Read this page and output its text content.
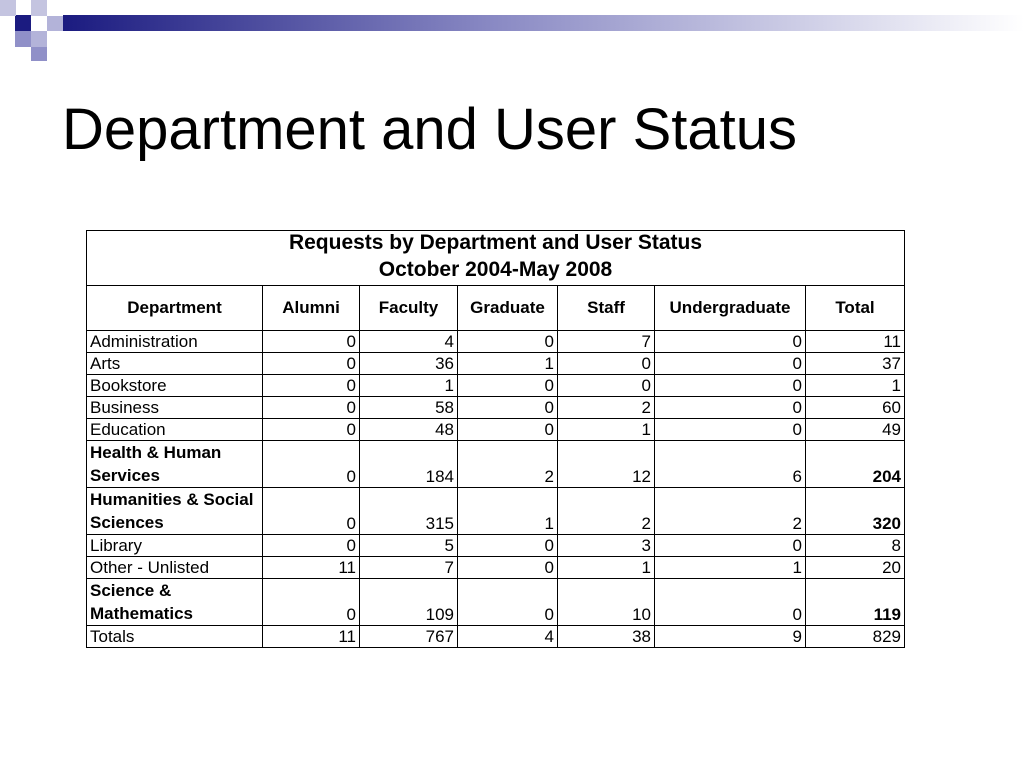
Department and User Status
Requests by Department and User Status
October 2004-May 2008						

Department	Alumni	Faculty	Graduate	Staff	Undergraduate	Total
Administration	0	4	0	7	0	11
Arts	0	36	1	0	0	37
Bookstore	0	1	0	0	0	1
Business	0	58	0	2	0	60
Education	0	48	0	1	0	49
Health & Human Services	0	184	2	12	6	204
Humanities & Social Sciences	0	315	1	2	2	320
Library	0	5	0	3	0	8
Other - Unlisted	11	7	0	1	1	20
Science & Mathematics	0	109	0	10	0	119
Totals	11	767	4	38	9	829
